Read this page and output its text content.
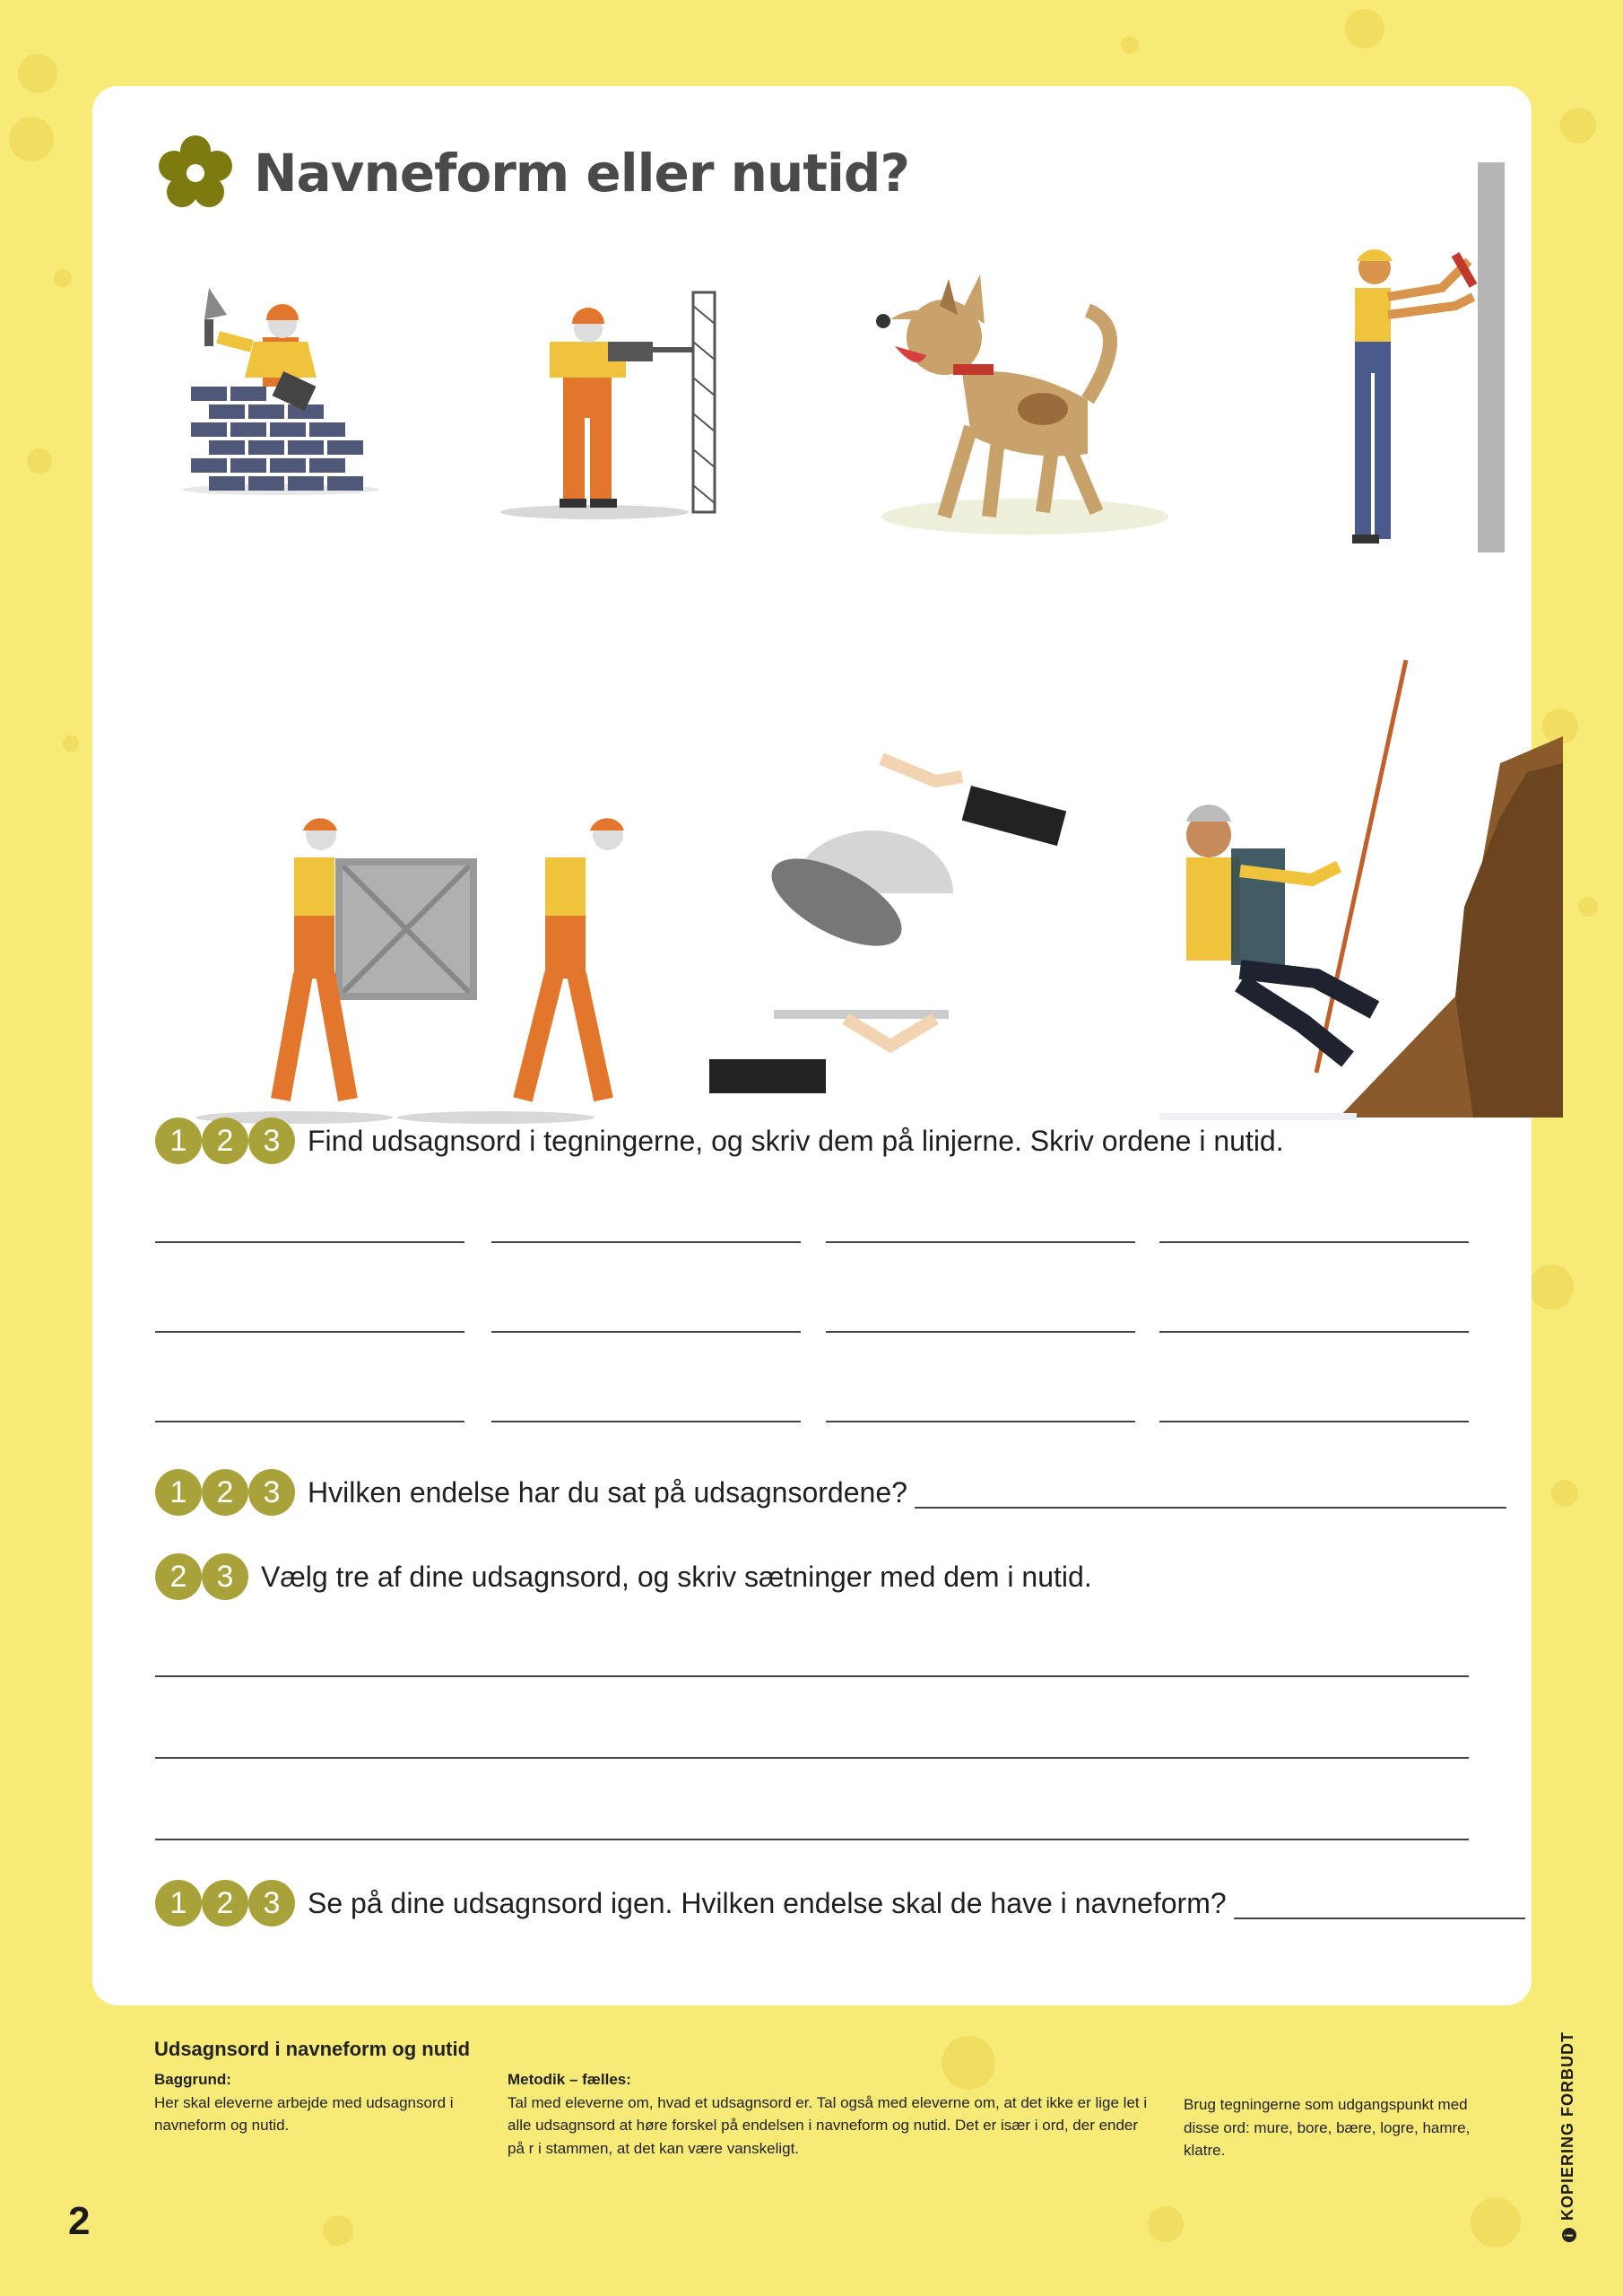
Navneform eller nutid?
1 2 3 Find udsagnsord i tegningerne, og skriv dem på linjerne. Skriv ordene i nutid.
1 2 3 Hvilken endelse har du sat på udsagnsordene?
2 3 Vælg tre af dine udsagnsord, og skriv sætninger med dem i nutid.
1 2 3 Se på dine udsagnsord igen. Hvilken endelse skal de have i navneform?
Udsagnsord i navneform og nutid
Baggrund:
Her skal eleverne arbejde med udsagnsord i navneform og nutid.
Metodik – fælles:
Tal med eleverne om, hvad et udsagnsord er. Tal også med eleverne om, at det ikke er lige let i alle udsagnsord at høre forskel på endelsen i navneform og nutid. Det er især i ord, der ender på r i stammen, at det kan være vanskeligt.
Brug tegningerne som udgangspunkt med disse ord: mure, bore, bære, logre, hamre, klatre.
2	iKOPIERING FORBUDT
